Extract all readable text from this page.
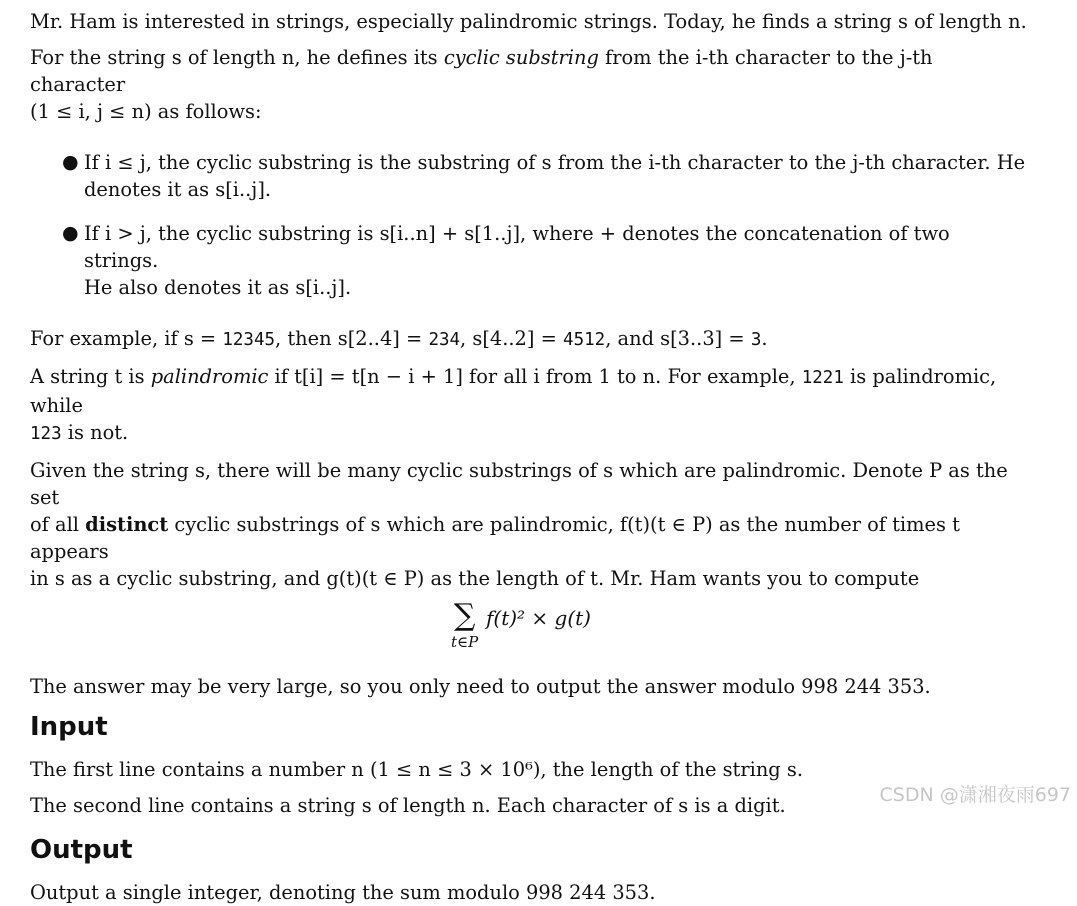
Mr. Ham is interested in strings, especially palindromic strings. Today, he finds a string s of length n.

For the string s of length n, he defines its cyclic substring from the i-th character to the j-th character
(1 ≤ i, j ≤ n) as follows:

● If i ≤ j, the cyclic substring is the substring of s from the i-th character to the j-th character. He
denotes it as s[i..j].
● If i > j, the cyclic substring is s[i..n] + s[1..j], where + denotes the concatenation of two strings.
He also denotes it as s[i..j].

For example, if s = 12345, then s[2..4] = 234, s[4..2] = 4512, and s[3..3] = 3.

A string t is palindromic if t[i] = t[n − i + 1] for all i from 1 to n. For example, 1221 is palindromic, while
123 is not.

Given the string s, there will be many cyclic substrings of s which are palindromic. Denote P as the set
of all distinct cyclic substrings of s which are palindromic, f(t)(t ∈ P) as the number of times t appears
in s as a cyclic substring, and g(t)(t ∈ P) as the length of t. Mr. Ham wants you to compute

∑ f(t)² × g(t)
t∈P

The answer may be very large, so you only need to output the answer modulo 998 244 353.

Input

The first line contains a number n (1 ≤ n ≤ 3 × 10⁶), the length of the string s.

The second line contains a string s of length n. Each character of s is a digit.

Output

Output a single integer, denoting the sum modulo 998 244 353.

CSDN @潇湘夜雨697
